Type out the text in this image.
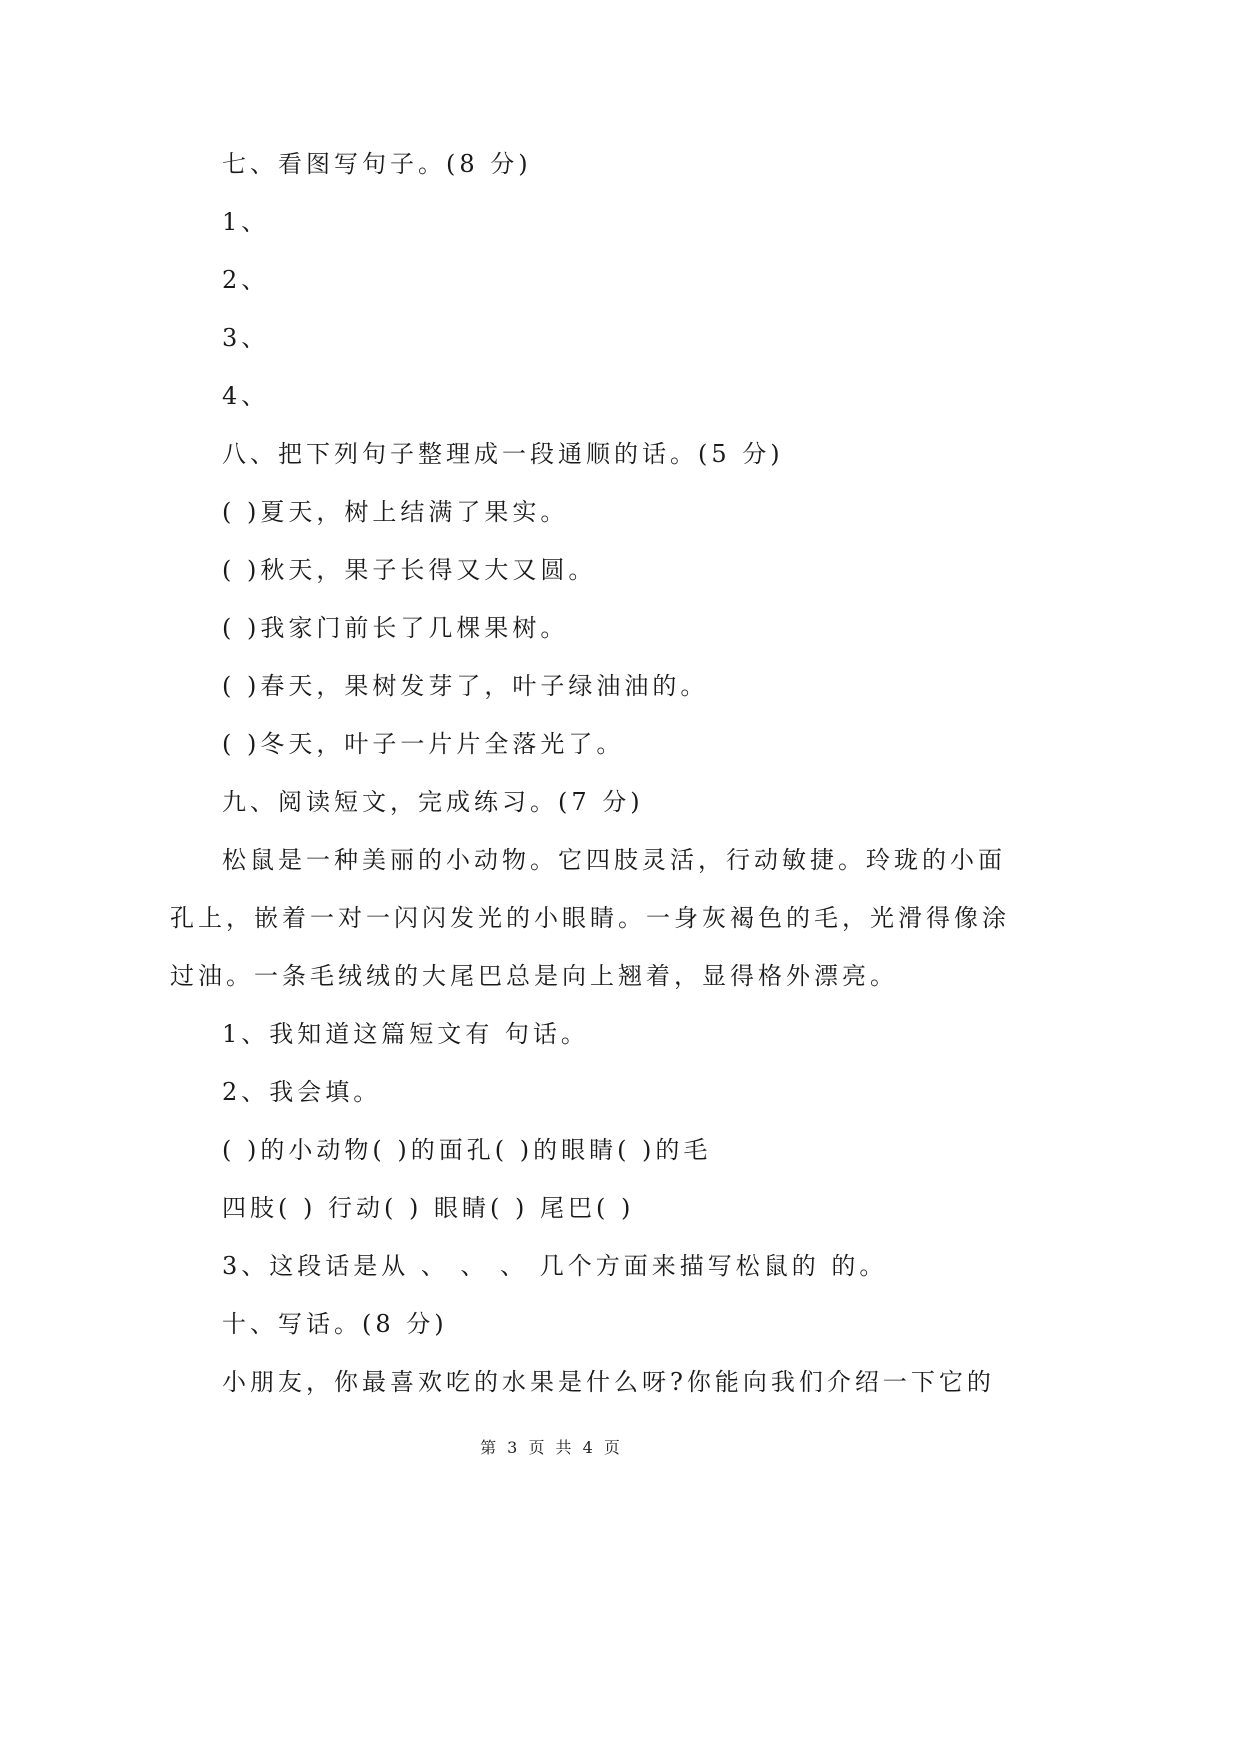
七、看图写句子。(8 分)
1、
2、
3、
4、
八、把下列句子整理成一段通顺的话。(5 分)
( )夏天，树上结满了果实。
( )秋天，果子长得又大又圆。
( )我家门前长了几棵果树。
( )春天，果树发芽了，叶子绿油油的。
( )冬天，叶子一片片全落光了。
九、阅读短文，完成练习。(7 分)
松鼠是一种美丽的小动物。它四肢灵活，行动敏捷。玲珑的小面
孔上，嵌着一对一闪闪发光的小眼睛。一身灰褐色的毛，光滑得像涂
过油。一条毛绒绒的大尾巴总是向上翘着，显得格外漂亮。
1、我知道这篇短文有 句话。
2、我会填。
( )的小动物( )的面孔( )的眼睛( )的毛
四肢( ) 行动( ) 眼睛( ) 尾巴( )
3、这段话是从 、 、 、 几个方面来描写松鼠的 的。
十、写话。(8 分)
小朋友，你最喜欢吃的水果是什么呀?你能向我们介绍一下它的
第 3 页 共 4 页
